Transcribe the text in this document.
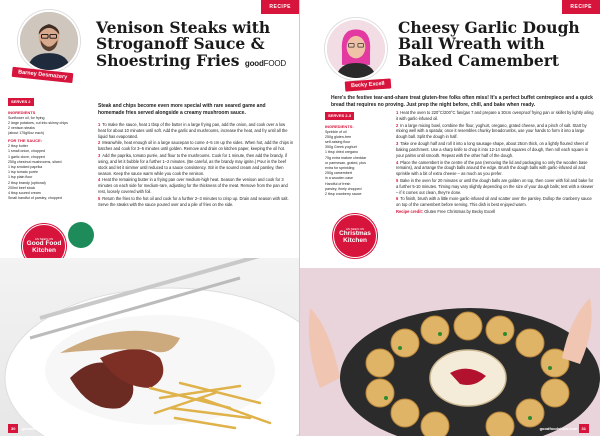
RECIPE
Barney Desmazery
Venison Steaks with Stroganoff Sauce & Shoestring Fries goodFOOD
Steak and chips become even more special with rare seared game and homemade fries served alongside a creamy mushroom sauce.
SERVES 2
INGREDIENTS
Sunflower oil, for frying
2 large potatoes, cut into skinny chips
2 venison steaks
(about 175g/6oz each)
FOR THE SAUCE:
2 tbsp butter
1 small onion, chopped
1 garlic clove, chopped
250g chestnut mushrooms, sliced
1 tsp smoked paprika
1 tsp tomato purée
1 tsp plain flour
2 tbsp brandy (optional)
200ml beef stock
4 tbsp soured cream
Small handful of parsley, chopped
1 To make the sauce, heat 1 tbsp of the butter in a large frying pan, add the onion, and cook over a low heat for about 10 minutes until soft. Add the garlic and mushrooms, increase the heat, and fry until all the liquid has evaporated.
2 Meanwhile, heat enough oil in a large saucepan to come 4–5 cm up the sides. When hot, add the chips in batches and cook for 3–5 minutes until golden. Remove and drain on kitchen paper, keeping the oil hot.
3 Add the paprika, tomato purée, and flour to the mushrooms. Cook for 1 minute, then add the brandy, if using, and let it bubble for a further 1–2 minutes. (Be careful, as the brandy may ignite.) Pour in the beef stock and let it simmer until reduced to a sauce consistency. Stir in the soured cream and parsley, then season. Keep the sauce warm while you cook the venison.
4 Heat the remaining butter in a frying pan over medium-high heat. Season the venison and cook for 3 minutes on each side for medium-rare, adjusting for the thickness of the meat. Remove from the pan and rest, loosely covered with foil.
5 Return the fries to the hot oil and cook for a further 2–3 minutes to crisp up. Drain and season with salt. Serve the steaks with the sauce poured over and a pile of fries on the side.
AS SEEN ON
Good Food
Kitchen
30 goodfoodshow.com
RECIPE
Becky Excell
Cheesy Garlic Dough Ball Wreath with Baked Camembert
Here's the festive tear-and-share treat gluten-free folks often miss! It's a perfect buffet centrepiece and a quick bread that requires no proving. Just prep the night before, chill, and bake when ready.
SERVES 2-3
INGREDIENTS:
Sprinkle of oil
250g gluten-free
self-raising flour
350g Greek yoghurt
1 tbsp dried oregano
75g extra mature cheddar
or parmesan, grated, plus
extra for sprinkling
250g camembert
in a wooden case
Handful of fresh
parsley, finely chopped
2 tbsp cranberry sauce
1 Heat the oven to 220°C/200°C fan/gas 7 and prepare a 30cm ovenproof frying pan or skillet by lightly oiling it with garlic-infused oil.
2 In a large mixing bowl, combine the flour, yoghurt, oregano, grated cheese, and a pinch of salt. Start by mixing well with a spatula; once it resembles chunky breadcrumbs, use your hands to form it into a large dough ball. Split the dough in half.
3 Take one dough half and roll it into a long sausage shape, about 25cm thick, on a lightly floured sheet of baking parchment. Use a sharp knife to chop it into 12-14 small squares of dough, then roll each square in your palms until smooth. Repeat with the other half of the dough.
4 Place the camembert in the centre of the pan (removing the lid and packaging so only the wooden base remains), and arrange the dough balls around the edge. Brush the dough balls with garlic-infused oil and sprinkle with a bit of extra cheese – as much as you prefer.
5 Bake in the oven for 20 minutes or until the dough balls are golden on top, then cover with foil and bake for a further 5-10 minutes. Timing may vary slightly depending on the size of your dough balls; test with a skewer – if it comes out clean, they're done.
6 To finish, brush with a little more garlic-infused oil and scatter over the parsley. Dollop the cranberry sauce on top of the camembert before serving. This dish is best enjoyed warm.
Recipe credit: Gluten Free Christmas by Becky Excell
AS SEEN ON
Christmas
Kitchen
goodfoodshow.com 31
